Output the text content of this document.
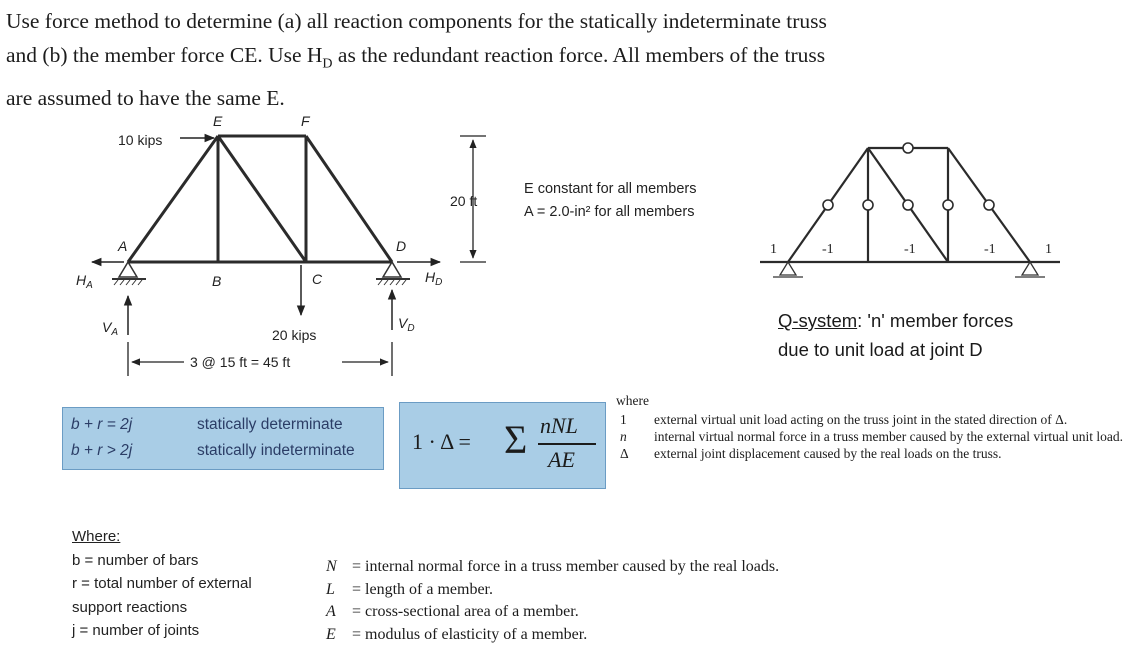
Use force method to determine (a) all reaction components for the statically indeterminate truss
and (b) the member force CE. Use $H_D$ as the redundant reaction force. All members of the truss
are assumed to have the same E.

10 kips
E	F
A
B	C
D
$H_A$
$V_A$
$H_D$
$V_D$
20 kips
3 @ 15 ft = 45 ft
20 ft
E constant for all members
A = 2.0-in² for all members
1	-1	-1	-1	1
Q-system: 'n' member forces
due to unit load at joint D
b + r = 2j	statically determinate
b + r > 2j	statically indeterminate	1 · Δ = Σ nNL
AE
where
1	external virtual unit load acting on the truss joint in the stated direction of Δ.
n	internal virtual normal force in a truss member caused by the external virtual unit load.
Δ	external joint displacement caused by the real loads on the truss.
Where:
b = number of bars
r = total number of external
support reactions
j = number of joints
N = internal normal force in a truss member caused by the real loads.
L = length of a member.
A = cross-sectional area of a member.
E = modulus of elasticity of a member.
